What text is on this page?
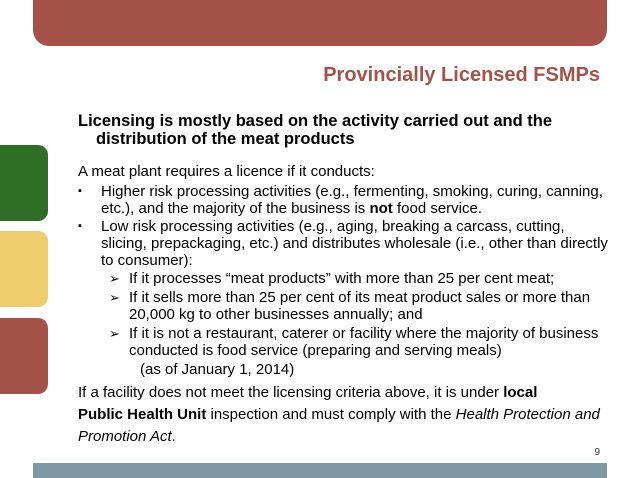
Provincially Licensed FSMPs

Licensing is mostly based on the activity carried out and the distribution of the meat products

A meat plant requires a licence if it conducts:

▪ Higher risk processing activities (e.g., fermenting, smoking, curing, canning, etc.), and the majority of the business is not food service.
▪ Low risk processing activities (e.g., aging, breaking a carcass, cutting, slicing, prepackaging, etc.) and distributes wholesale (i.e., other than directly to consumer):
➢ If it processes “meat products” with more than 25 per cent meat;
➢ If it sells more than 25 per cent of its meat product sales or more than 20,000 kg to other businesses annually; and
➢ If it is not a restaurant, caterer or facility where the majority of business conducted is food service (preparing and serving meals)

(as of January 1, 2014)

If a facility does not meet the licensing criteria above, it is under local
Public Health Unit inspection and must comply with the Health Protection and Promotion Act.

9
